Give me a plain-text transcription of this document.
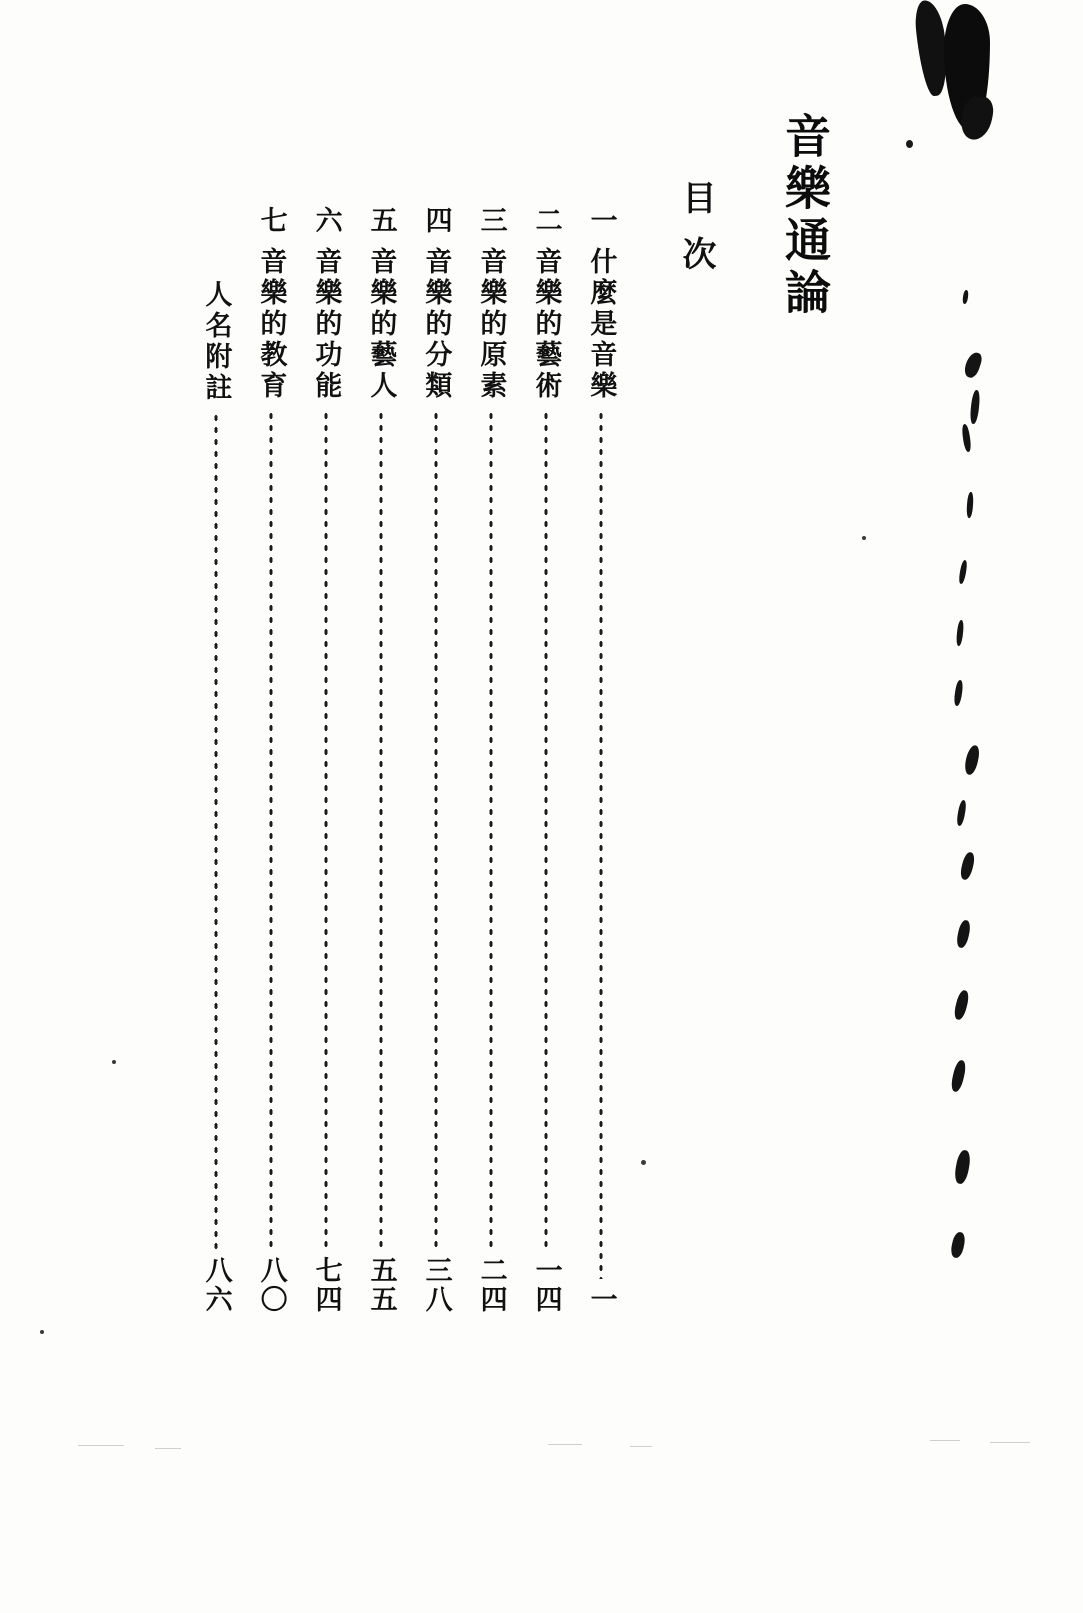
音樂通論
目次
一
什麼是音樂
一
二
音樂的藝術
一四
三
音樂的原素
二四
四
音樂的分類
三八
五
音樂的藝人
五五
六
音樂的功能
七四
七
音樂的教育
八〇
人名附註
八六
